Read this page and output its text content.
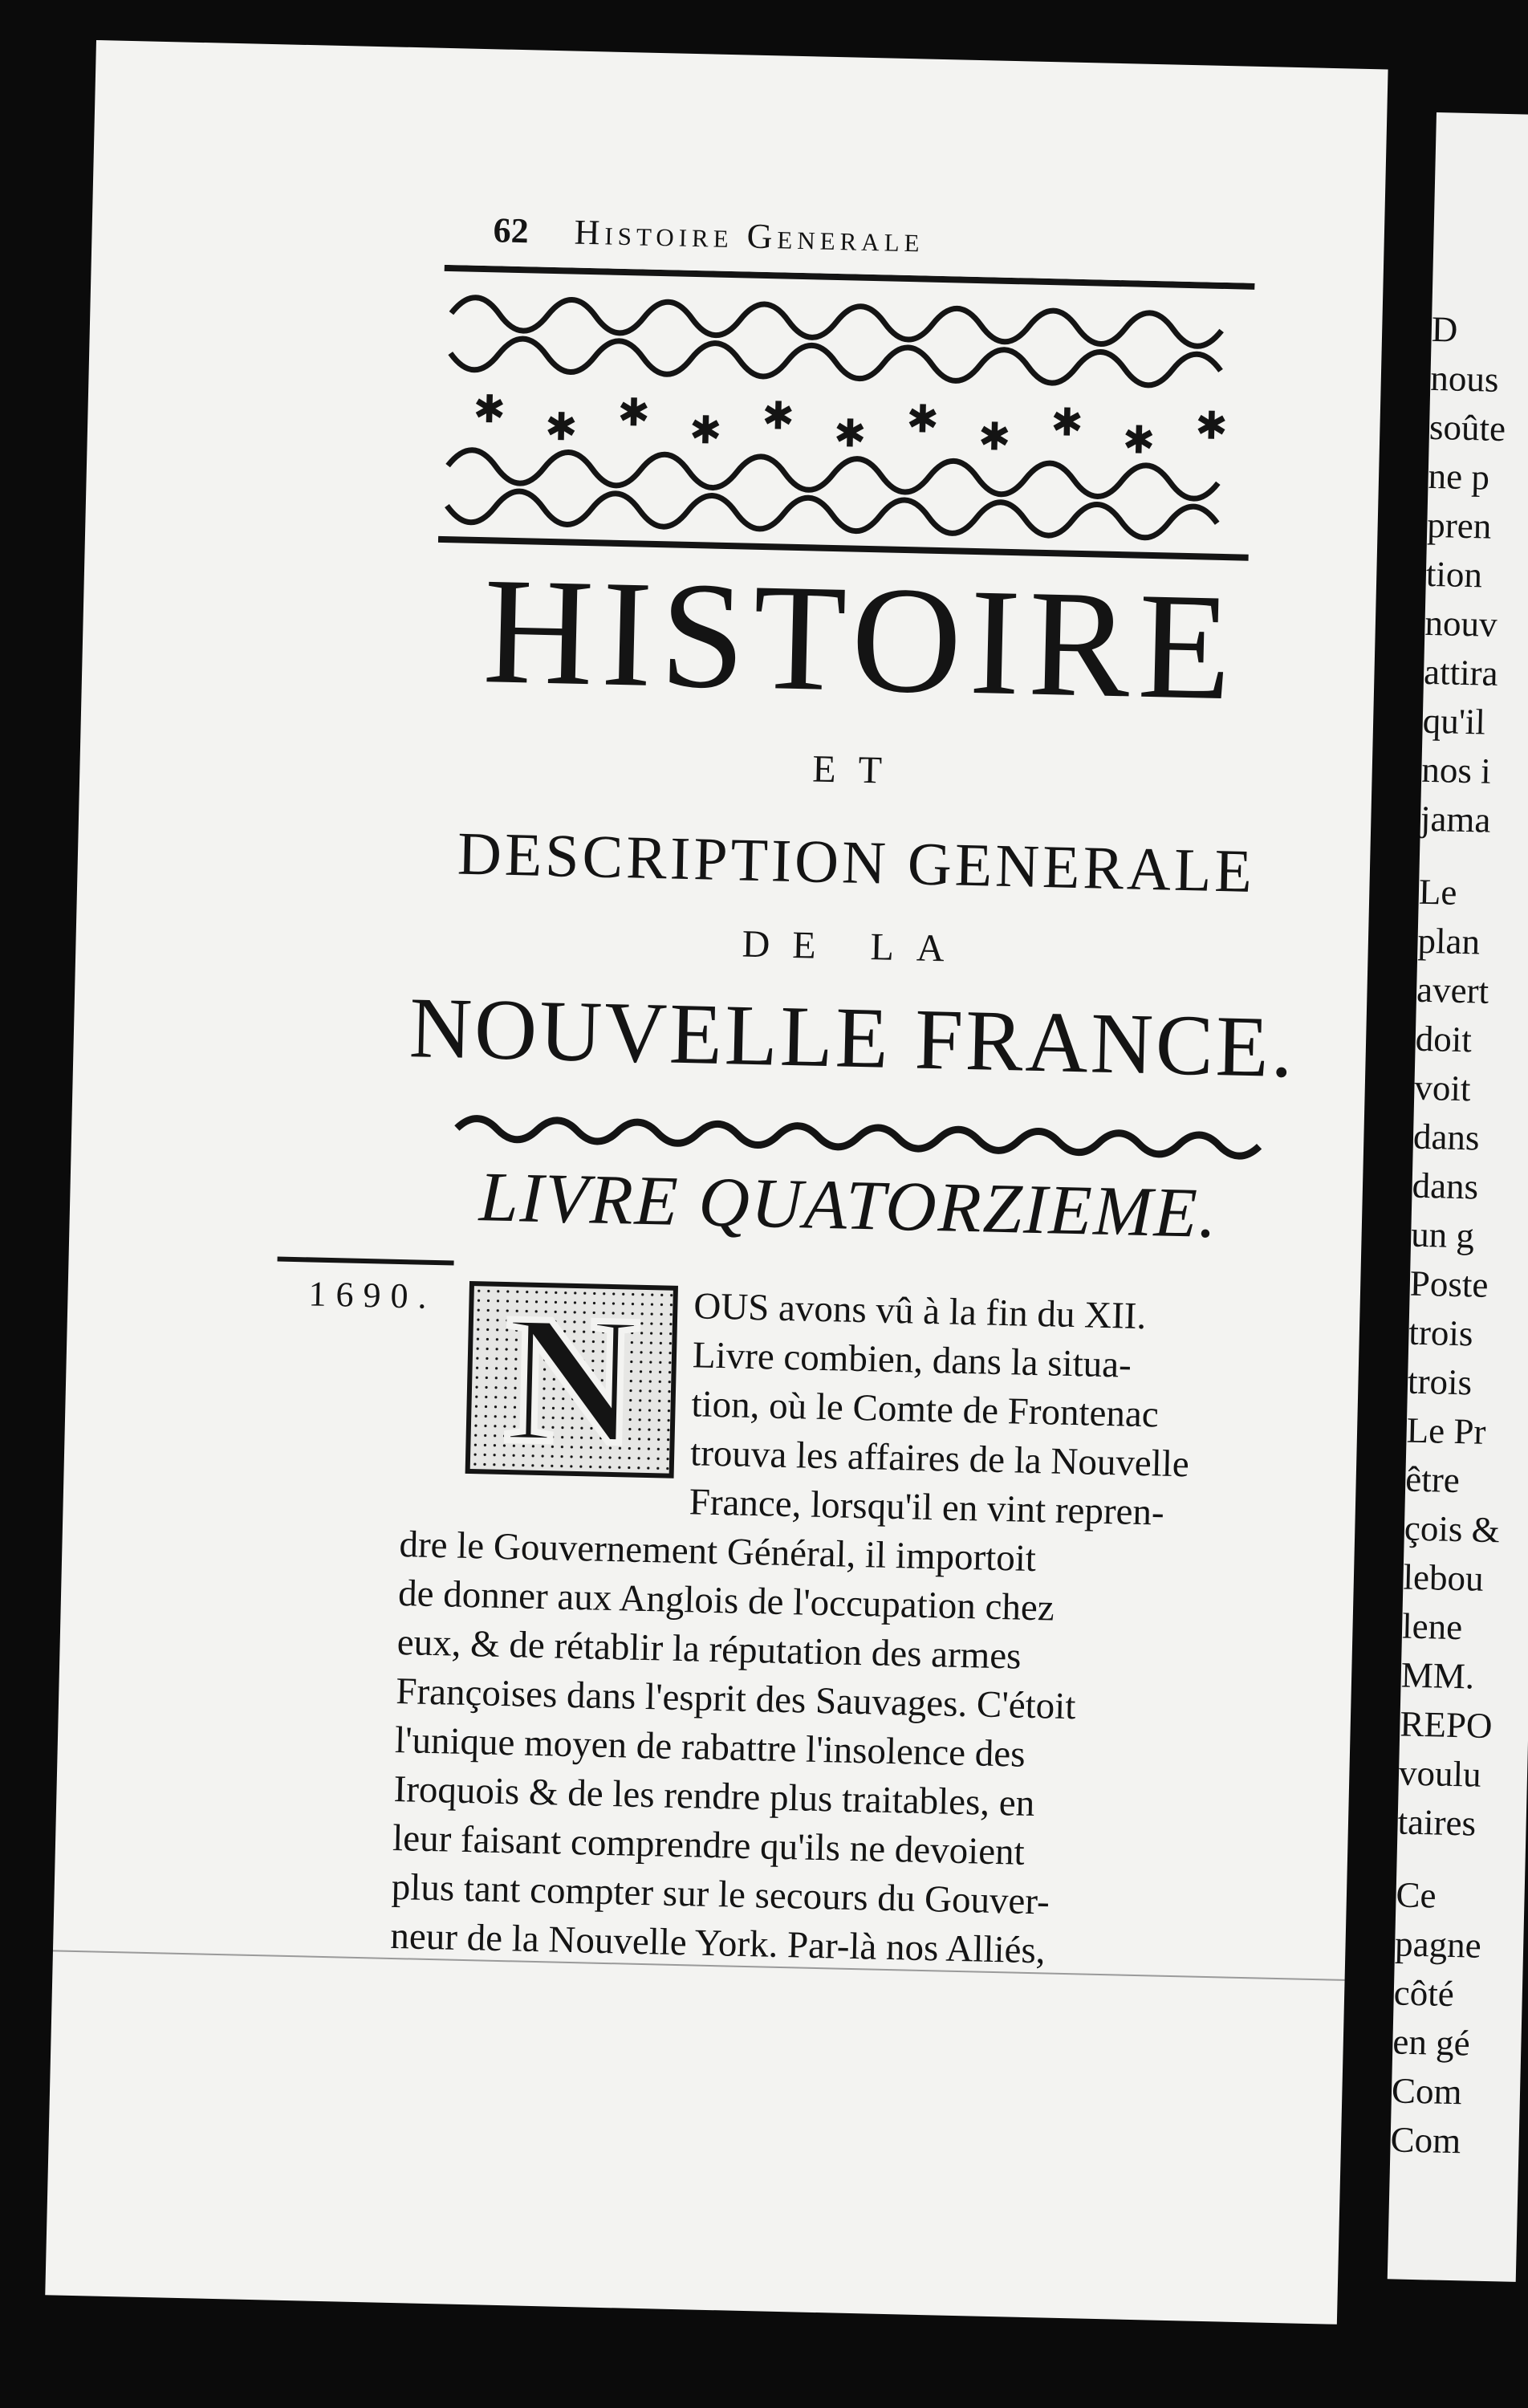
62 Histoire Generale
✱ ✱ ✱ ✱ ✱ ✱ ✱ ✱ ✱ ✱ ✱
HISTOIRE
ET
DESCRIPTION GENERALE
DE LA
NOUVELLE FRANCE.
LIVRE QUATORZIEME.
1690.	OUS avons vû à la fin du XII.
Livre combien, dans la situa-
tion, où le Comte de Frontenac
trouva les affaires de la Nouvelle
France, lorsqu'il en vint repren-
dre le Gouvernement Général, il importoit
de donner aux Anglois de l'occupation chez
eux, & de rétablir la réputation des armes
Françoises dans l'esprit des Sauvages. C'étoit
l'unique moyen de rabattre l'insolence des
Iroquois & de les rendre plus traitables, en
leur faisant comprendre qu'ils ne devoient
plus tant compter sur le secours du Gouver-
neur de la Nouvelle York. Par-là nos Alliés,
N
D
nous
soûte
ne p
pren
tion
nouv
attira
qu'il
nos i
jama
Le
plan
avert
doit
voit
dans
dans
un g
Poste
trois
trois
Le Pr
être
çois &
lebou
lene
MM.
REPO
voulu
taires
Ce
pagne
côté
en gé
Com
Com
